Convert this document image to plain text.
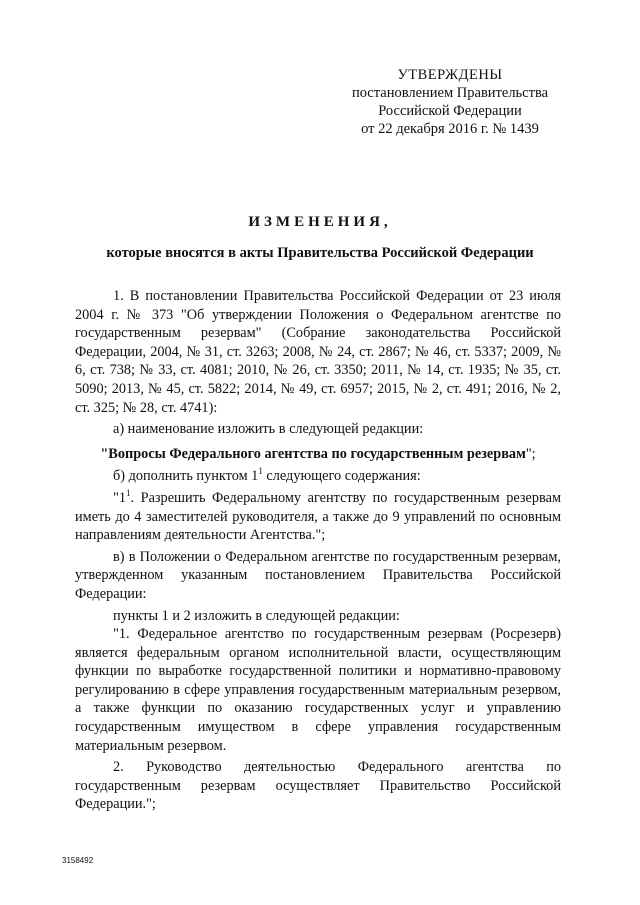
УТВЕРЖДЕНЫ
постановлением Правительства
Российской Федерации
от 22 декабря 2016 г. № 1439
ИЗМЕНЕНИЯ,
которые вносятся в акты Правительства Российской Федерации

1. В постановлении Правительства Российской Федерации от 23 июля 2004 г. № 373 "Об утверждении Положения о Федеральном агентстве по государственным резервам" (Собрание законодательства Российской Федерации, 2004, № 31, ст. 3263; 2008, № 24, ст. 2867; № 46, ст. 5337; 2009, № 6, ст. 738; № 33, ст. 4081; 2010, № 26, ст. 3350; 2011, № 14, ст. 1935; № 35, ст. 5090; 2013, № 45, ст. 5822; 2014, № 49, ст. 6957; 2015, № 2, ст. 491; 2016, № 2, ст. 325; № 28, ст. 4741):

а) наименование изложить в следующей редакции:

"Вопросы Федерального агентства по государственным резервам";

б) дополнить пунктом $1^1$ следующего содержания:

"$1^1$. Разрешить Федеральному агентству по государственным резервам иметь до 4 заместителей руководителя, а также до 9 управлений по основным направлениям деятельности Агентства.";

в) в Положении о Федеральном агентстве по государственным резервам, утвержденном указанным постановлением Правительства Российской Федерации:

пункты 1 и 2 изложить в следующей редакции:

"1. Федеральное агентство по государственным резервам (Росрезерв) является федеральным органом исполнительной власти, осуществляющим функции по выработке государственной политики и нормативно-правовому регулированию в сфере управления государственным материальным резервом, а также функции по оказанию государственных услуг и управлению государственным имуществом в сфере управления государственным материальным резервом.

2. Руководство деятельностью Федерального агентства по государственным резервам осуществляет Правительство Российской Федерации.";

3158492
